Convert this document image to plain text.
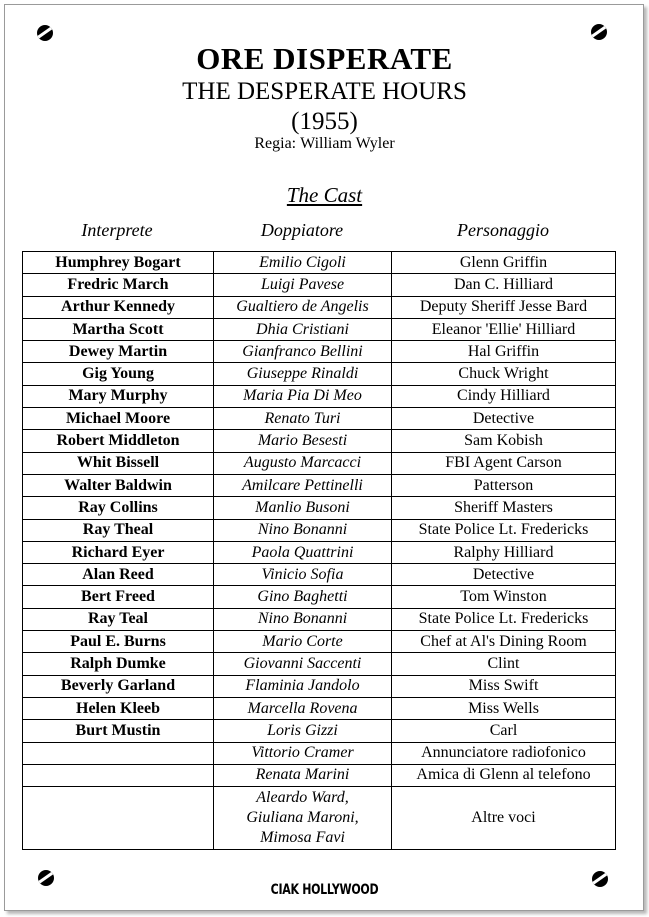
ORE DISPERATE
THE DESPERATE HOURS
(1955)
Regia: William Wyler
The Cast
Interprete	Doppiatore	Personaggio
Humphrey Bogart	Emilio Cigoli	Glenn Griffin
Fredric March	Luigi Pavese	Dan C. Hilliard
Arthur Kennedy	Gualtiero de Angelis	Deputy Sheriff Jesse Bard
Martha Scott	Dhia Cristiani	Eleanor 'Ellie' Hilliard
Dewey Martin	Gianfranco Bellini	Hal Griffin
Gig Young	Giuseppe Rinaldi	Chuck Wright
Mary Murphy	Maria Pia Di Meo	Cindy Hilliard
Michael Moore	Renato Turi	Detective
Robert Middleton	Mario Besesti	Sam Kobish
Whit Bissell	Augusto Marcacci	FBI Agent Carson
Walter Baldwin	Amilcare Pettinelli	Patterson
Ray Collins	Manlio Busoni	Sheriff Masters
Ray Theal	Nino Bonanni	State Police Lt. Fredericks
Richard Eyer	Paola Quattrini	Ralphy Hilliard
Alan Reed	Vinicio Sofia	Detective
Bert Freed	Gino Baghetti	Tom Winston
Ray Teal	Nino Bonanni	State Police Lt. Fredericks
Paul E. Burns	Mario Corte	Chef at Al's Dining Room
Ralph Dumke	Giovanni Saccenti	Clint
Beverly Garland	Flaminia Jandolo	Miss Swift
Helen Kleeb	Marcella Rovena	Miss Wells
Burt Mustin	Loris Gizzi	Carl
	Vittorio Cramer	Annunciatore radiofonico
	Renata Marini	Amica di Glenn al telefono

	Aleardo Ward,
Giuliana Maroni,
Mimosa Favi	Altre voci
CIAK HOLLYWOOD
